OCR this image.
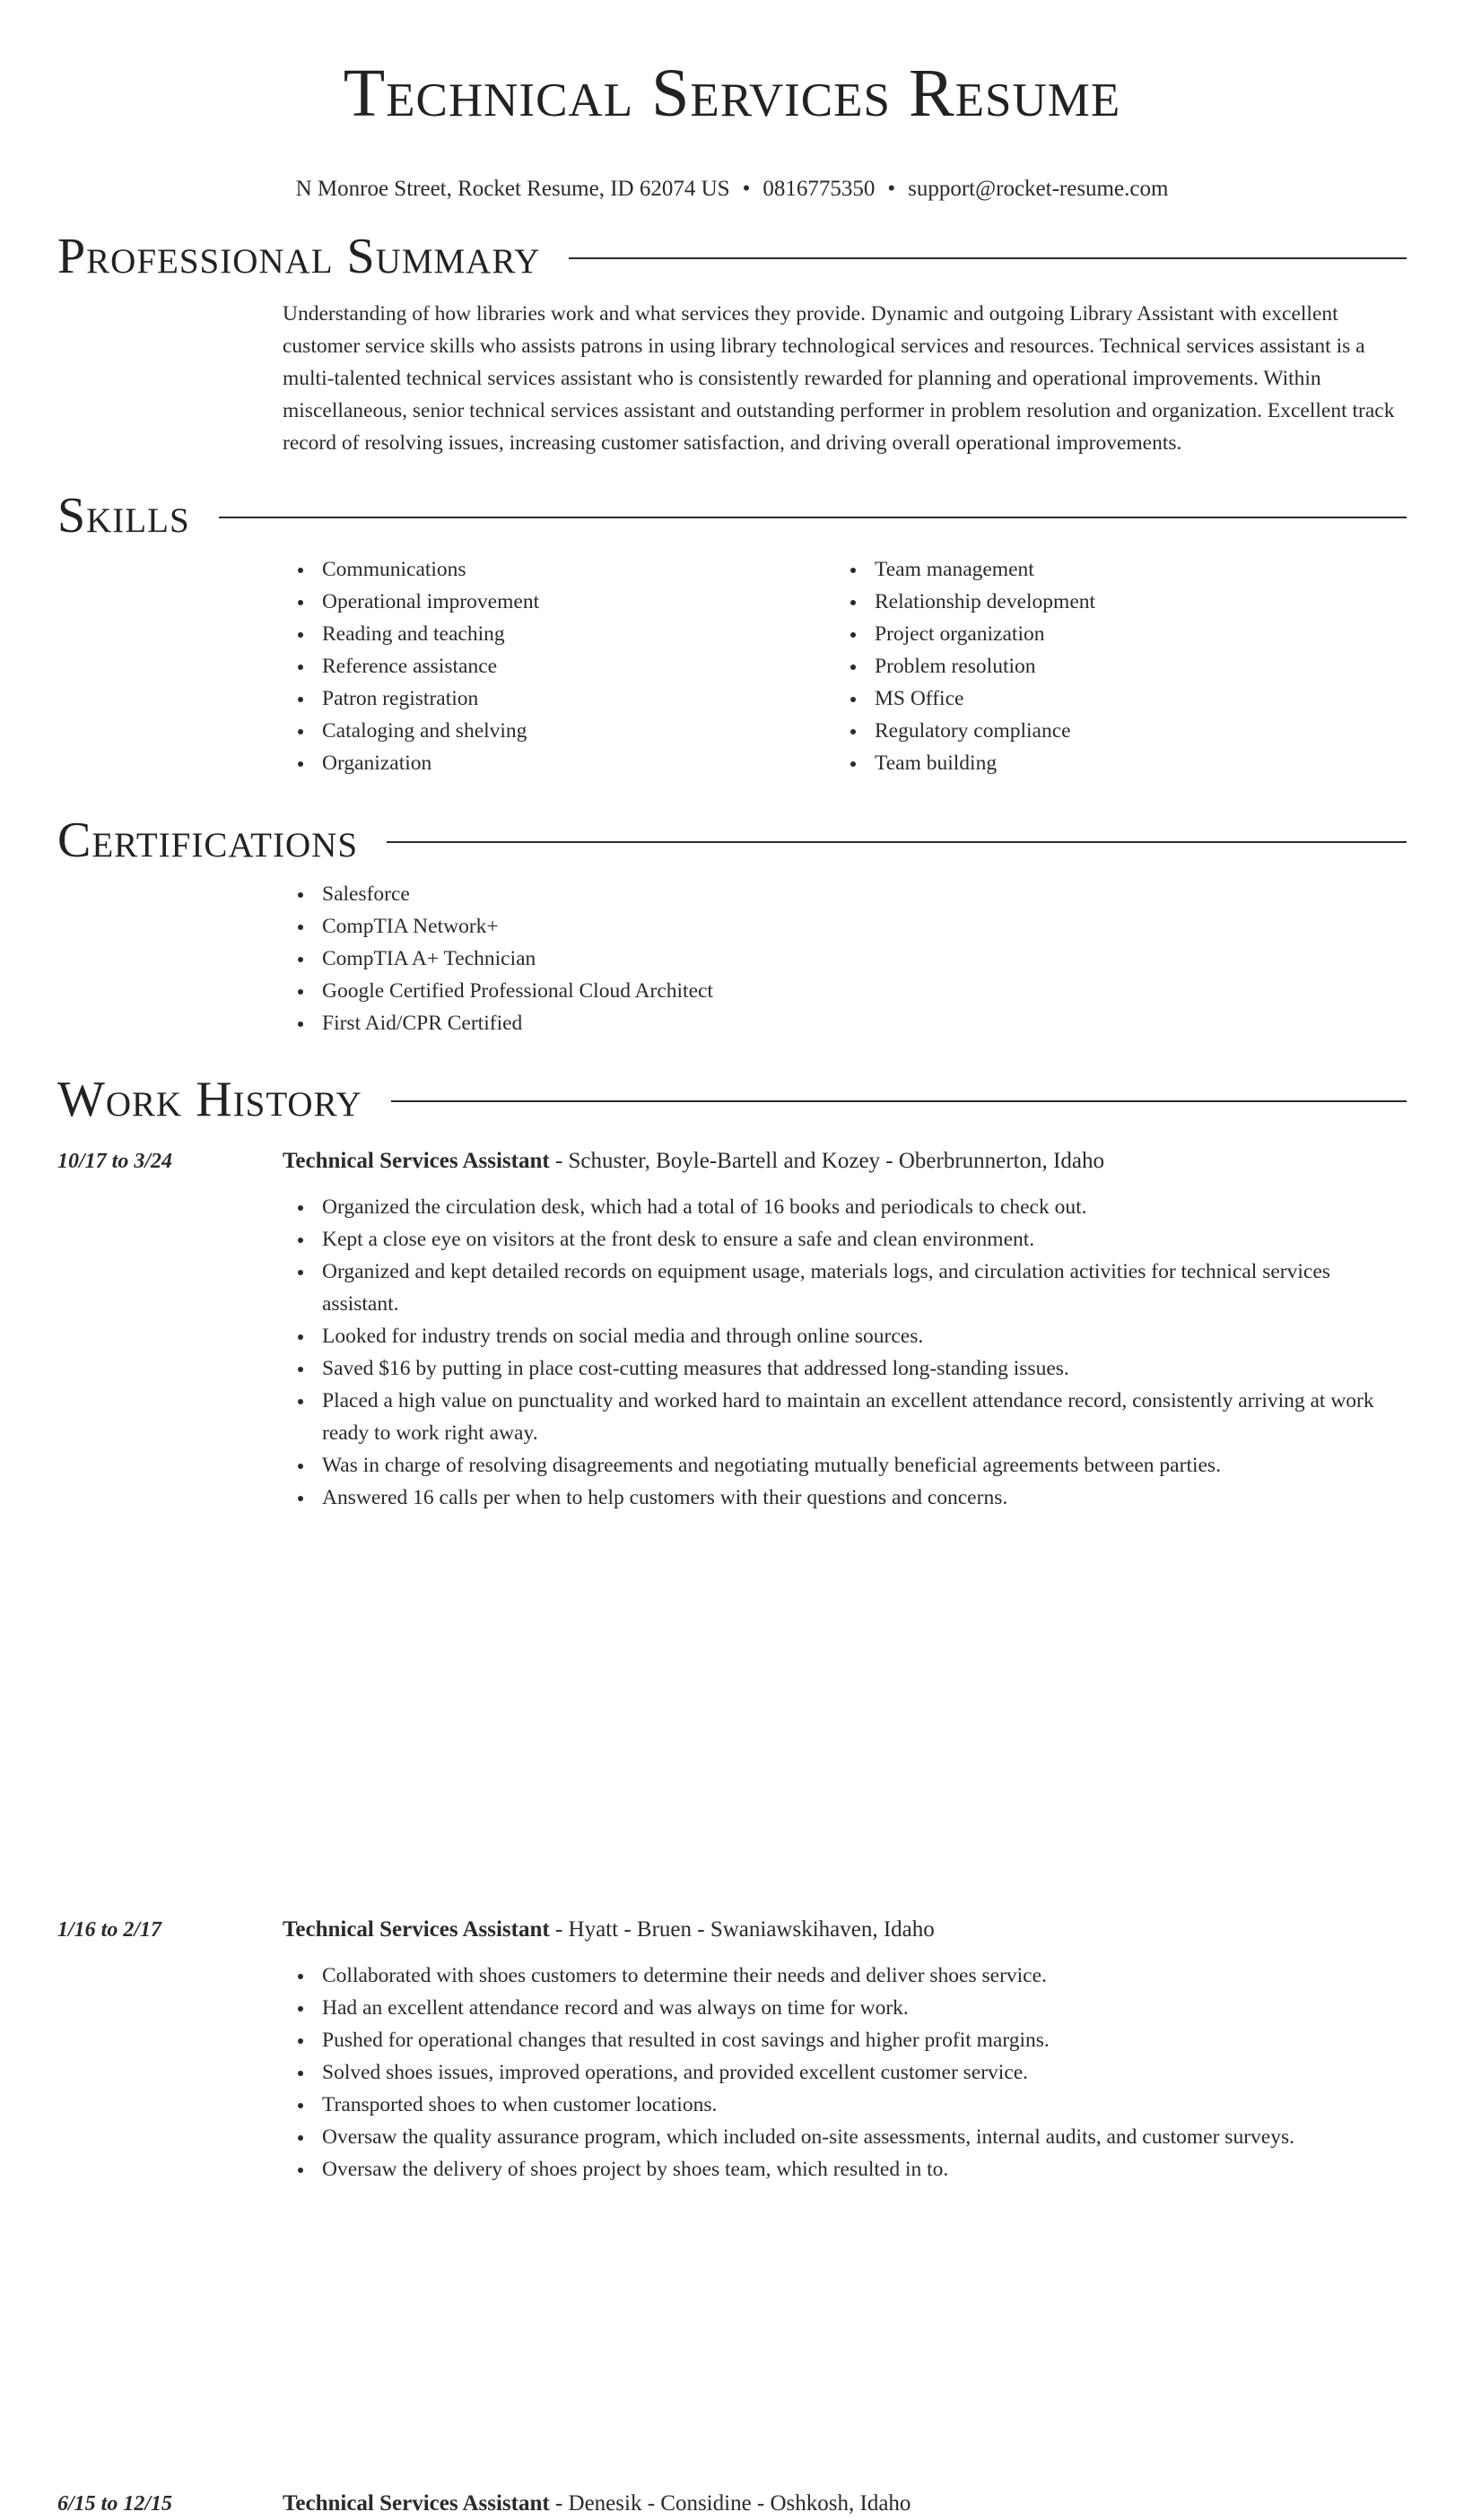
Technical Services Resume
N Monroe Street, Rocket Resume, ID 62074 US • 0816775350 • support@rocket-resume.com
Professional Summary

Understanding of how libraries work and what services they provide. Dynamic and outgoing Library Assistant with excellent customer service skills who assists patrons in using library technological services and resources. Technical services assistant is a multi-talented technical services assistant who is consistently rewarded for planning and operational improvements. Within miscellaneous, senior technical services assistant and outstanding performer in problem resolution and organization. Excellent track record of resolving issues, increasing customer satisfaction, and driving overall operational improvements.

Skills
Communications
Operational improvement
Reading and teaching
Reference assistance
Patron registration
Cataloging and shelving
Organization
Team management
Relationship development
Project organization
Problem resolution
MS Office
Regulatory compliance
Team building
Certifications
Salesforce
CompTIA Network+
CompTIA A+ Technician
Google Certified Professional Cloud Architect
First Aid/CPR Certified
Work History
10/17 to 3/24	Technical Services Assistant - Schuster, Boyle-Bartell and Kozey - Oberbrunnerton, Idaho
Organized the circulation desk, which had a total of 16 books and periodicals to check out.
Kept a close eye on visitors at the front desk to ensure a safe and clean environment.
Organized and kept detailed records on equipment usage, materials logs, and circulation activities for technical services assistant.
Looked for industry trends on social media and through online sources.
Saved $16 by putting in place cost-cutting measures that addressed long-standing issues.
Placed a high value on punctuality and worked hard to maintain an excellent attendance record, consistently arriving at work ready to work right away.
Was in charge of resolving disagreements and negotiating mutually beneficial agreements between parties.
Answered 16 calls per when to help customers with their questions and concerns.
1/16 to 2/17	Technical Services Assistant - Hyatt - Bruen - Swaniawskihaven, Idaho
Collaborated with shoes customers to determine their needs and deliver shoes service.
Had an excellent attendance record and was always on time for work.
Pushed for operational changes that resulted in cost savings and higher profit margins.
Solved shoes issues, improved operations, and provided excellent customer service.
Transported shoes to when customer locations.
Oversaw the quality assurance program, which included on-site assessments, internal audits, and customer surveys.
Oversaw the delivery of shoes project by shoes team, which resulted in to.
6/15 to 12/15	Technical Services Assistant - Denesik - Considine - Oshkosh, Idaho
